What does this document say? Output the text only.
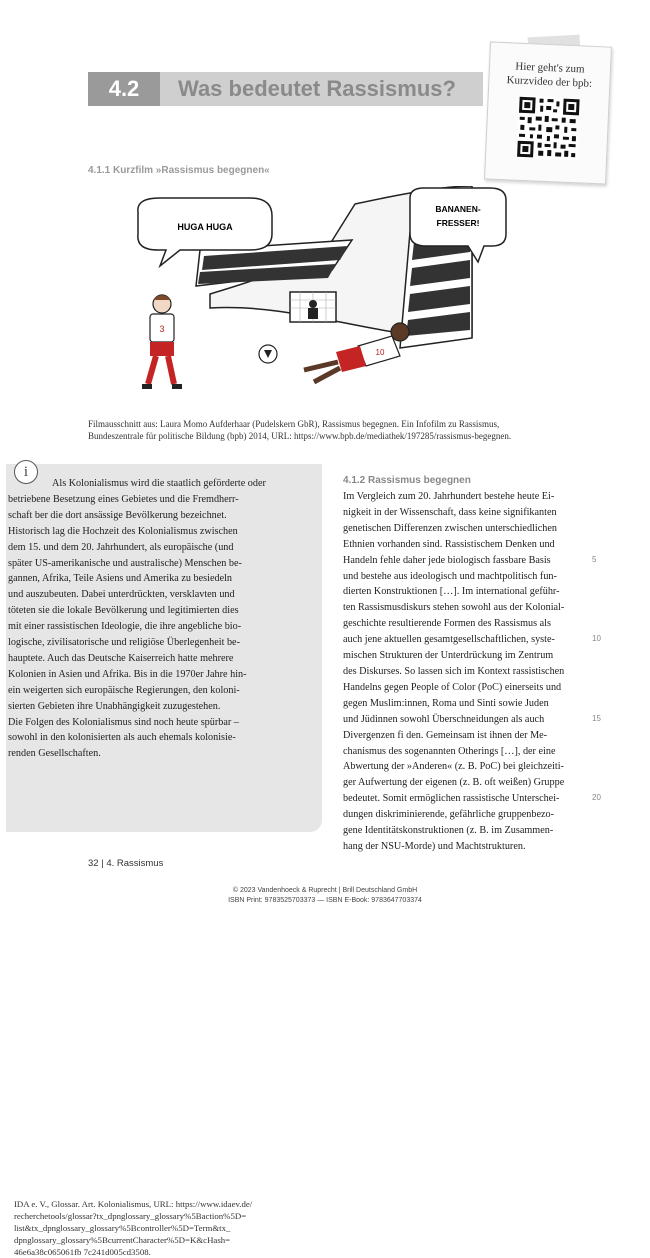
4.2	Was bedeutet Rassismus?
Hier geht's zum
Kurzvideo der bpb:
4.1.1 Kurzfilm »Rassismus begegnen«
HUGA HUGA
BANANEN-
FRESSER!
3
10
Filmausschnitt aus: Laura Momo Aufderhaar (Pudelskern GbR), Rassismus begegnen. Ein Infofilm zu Rassismus,
Bundeszentrale für politische Bildung (bpb) 2014, URL: https://www.bpb.de/mediathek/197285/rassismus-begegnen.
IDA e. V., Glossar. Art. Kolonialismus, URL: https://www.idaev.de/
recherchetools/glossar?tx_dpnglossary_glossary%5Baction%5D=
list&tx_dpnglossary_glossary%5Bcontroller%5D=Term&tx_
dpnglossary_glossary%5BcurrentCharacter%5D=K&cHash=
46e6a38c065061fb 7c241d005cd3508.
i
Als Kolonialismus wird die staatlich geförderte oder
betriebene Besetzung eines Gebietes und die Fremdherr-
schaft ber die dort ansässige Bevölkerung bezeichnet.
Historisch lag die Hochzeit des Kolonialismus zwischen
dem 15. und dem 20. Jahrhundert, als europäische (und
später US-amerikanische und australische) Menschen be-
gannen, Afrika, Teile Asiens und Amerika zu besiedeln
und auszubeuten. Dabei unterdrückten, versklavten und
töteten sie die lokale Bevölkerung und legitimierten dies
mit einer rassistischen Ideologie, die ihre angebliche bio-
logische, zivilisatorische und religiöse Überlegenheit be-
hauptete. Auch das Deutsche Kaiserreich hatte mehrere
Kolonien in Asien und Afrika. Bis in die 1970er Jahre hin-
ein weigerten sich europäische Regierungen, den koloni-
sierten Gebieten ihre Unabhängigkeit zuzugestehen.
Die Folgen des Kolonialismus sind noch heute spürbar –
sowohl in den kolonisierten als auch ehemals kolonisie-
renden Gesellschaften.
4.1.2 Rassismus begegnen
Im Vergleich zum 20. Jahrhundert bestehe heute Ei-
nigkeit in der Wissenschaft, dass keine signifikanten
genetischen Differenzen zwischen unterschiedlichen
Ethnien vorhanden sind. Rassistischem Denken und
Handeln fehle daher jede biologisch fassbare Basis
und bestehe aus ideologisch und machtpolitisch fun-
dierten Konstruktionen […]. Im international geführ-
ten Rassismusdiskurs stehen sowohl aus der Kolonial-
geschichte resultierende Formen des Rassismus als
auch jene aktuellen gesamtgesellschaftlichen, syste-
mischen Strukturen der Unterdrückung im Zentrum
des Diskurses. So lassen sich im Kontext rassistischen
Handelns gegen People of Color (PoC) einerseits und
gegen Muslim:innen, Roma und Sinti sowie Juden
und Jüdinnen sowohl Überschneidungen als auch
Divergenzen fi den. Gemeinsam ist ihnen der Me-
chanismus des sogenannten Otherings […], der eine
Abwertung der »Anderen« (z. B. PoC) bei gleichzeiti-
ger Aufwertung der eigenen (z. B. oft weißen) Gruppe
bedeutet. Somit ermöglichen rassistische Unterschei-
dungen diskriminierende, gefährliche gruppenbezo-
gene Identitätskonstruktionen (z. B. im Zusammen-
hang der NSU-Morde) und Machtstrukturen.
5
10
15
20
32 | 4. Rassismus
© 2023 Vandenhoeck & Ruprecht | Brill Deutschland GmbH
ISBN Print: 9783525703373 — ISBN E-Book: 9783647703374
